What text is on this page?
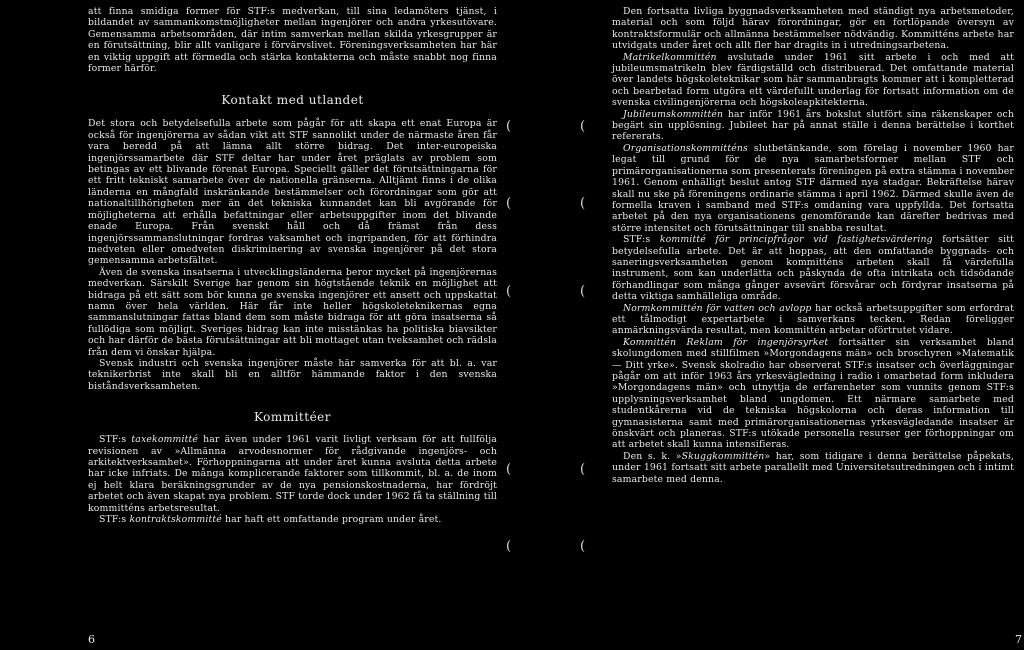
att finna smidiga former för STF:s medverkan, till sina ledamöters tjänst, i bildandet av sammankomstmöjligheter mellan ingenjörer och andra yrkesutövare. Gemensamma arbetsområden, där intim samverkan mellan skilda yrkesgrupper är en förutsättning, blir allt vanligare i förvärvslivet. Föreningsverksamheten har här en viktig uppgift att förmedla och stärka kontakterna och måste snabbt nog finna former härför.

Kontakt med utlandet

Det stora och betydelsefulla arbete som pågår för att skapa ett enat Europa är också för ingenjörerna av sådan vikt att STF sannolikt under de närmaste åren får vara beredd på att lämna allt större bidrag. Det inter-europeiska ingenjörssamarbete där STF deltar har under året präglats av problem som betingas av ett blivande förenat Europa. Speciellt gäller det förutsättningarna för ett fritt tekniskt samarbete över de nationella gränserna. Alltjämt finns i de olika länderna en mångfald inskränkande bestämmelser och förordningar som gör att nationaltillhörigheten mer än det tekniska kunnandet kan bli avgörande för möjligheterna att erhålla befattningar eller arbetsuppgifter inom det blivande enade Europa. Från svenskt håll och då främst från dess ingenjörssammanslutningar fordras vaksamhet och ingripanden, för att förhindra medveten eller omedveten diskriminering av svenska ingenjörer på det stora gemensamma arbetsfältet.

Även de svenska insatserna i utvecklingsländerna beror mycket på ingenjörernas medverkan. Särskilt Sverige har genom sin högtstående teknik en möjlighet att bidraga på ett sätt som bör kunna ge svenska ingenjörer ett ansett och uppskattat namn över hela världen. Här får inte heller högskoleteknikernas egna sammanslutningar fattas bland dem som måste bidraga för att göra insatserna så fullödiga som möjligt. Sveriges bidrag kan inte misstänkas ha politiska biavsikter och har därför de bästa förutsättningar att bli mottaget utan tveksamhet och rädsla från dem vi önskar hjälpa.

Svensk industri och svenska ingenjörer måste här samverka för att bl. a. var teknikerbrist inte skall bli en alltför hämmande faktor i den svenska biståndsverksamheten.

Kommittéer

STF:s taxekommitté har även under 1961 varit livligt verksam för att fullfölja revisionen av »Allmänna arvodesnormer för rådgivande ingenjörs- och arkitektverksamhet». Förhoppningarna att under året kunna avsluta detta arbete har icke infriats. De många komplicerande faktorer som tillkommit, bl. a. de inom ej helt klara beräkningsgrunder av de nya pensionskostnaderna, har fördröjt arbetet och även skapat nya problem. STF torde dock under 1962 få ta ställning till kommitténs arbetsresultat.

STF:s kontraktskommitté har haft ett omfattande program under året.

6
(	(
(	(
(	(
(	(
(	(

Den fortsatta livliga byggnadsverksamheten med ständigt nya arbetsmetoder, material och som följd härav förordningar, gör en fortlöpande översyn av kontraktsformulär och allmänna bestämmelser nödvändig. Kommitténs arbete har utvidgats under året och allt fler har dragits in i utredningsarbetena.

Matrikelkommittén avslutade under 1961 sitt arbete i och med att jubileumsmatrikeln blev färdigställd och distribuerad. Det omfattande material över landets högskoleteknikar som här sammanbragts kommer att i kompletterad och bearbetad form utgöra ett värdefullt underlag för fortsatt information om de svenska civilingenjörerna och högskoleарkitekterna.

Jubileumskommittén har inför 1961 års bokslut slutfört sina räkenskaper och begärt sin upplösning. Jubileet har på annat ställe i denna berättelse i korthet refererats.

Organisationskommitténs slutbetänkande, som förelag i november 1960 har legat till grund för de nya samarbetsformer mellan STF och primärorganisationerna som presenterats föreningen på extra stämma i november 1961. Genom enhälligt beslut antog STF därmed nya stadgar. Bekräftelse härav skall nu ske på föreningens ordinarie stämma i april 1962. Därmed skulle även de formella kraven i samband med STF:s omdaning vara uppfyllda. Det fortsatta arbetet på den nya organisationens genomförande kan därefter bedrivas med större intensitet och förutsättningar till snabba resultat.

STF:s kommitté för principfrågor vid fastighetsvärdering fortsätter sitt betydelsefulla arbete. Det är att hoppas, att den omfattande byggnads- och saneringsverksamheten genom kommitténs arbeten skall få värdefulla instrument, som kan underlätta och påskynda de ofta intrikata och tidsödande förhandlingar som många gånger avsevärt försvårar och fördyrar insatserna på detta viktiga samhälleliga område.

Normkommittén för vatten och avlopp har också arbetsuppgifter som erfordrat ett tålmodigt expertarbete i samverkans tecken. Redan föreligger anmärkningsvärda resultat, men kommittén arbetar oförtrutet vidare.

Kommittén Reklam för ingenjörsyrket fortsätter sin verksamhet bland skolungdomen med stillfilmen »Morgondagens män» och broschyren »Matematik — Ditt yrke». Svensk skolradio har observerat STF:s insatser och överläggningar pågår om att inför 1963 års yrkesvägledning i radio i omarbetad form inkludera »Morgondagens män» och utnyttja de erfarenheter som vunnits genom STF:s upplysningsverksamhet bland ungdomen. Ett närmare samarbete med studentkårerna vid de tekniska högskolorna och deras information till gymnasisterna samt med primärorganisationernas yrkesvägledande insatser är önskvärt och planeras. STF:s utökade personella resurser ger förhoppningar om att arbetet skall kunna intensifieras.

Den s. k. »Skuggkommittén» har, som tidigare i denna berättelse påpekats, under 1961 fortsatt sitt arbete parallellt med Universitetsutredningen och i intimt samarbete med denna.

7
